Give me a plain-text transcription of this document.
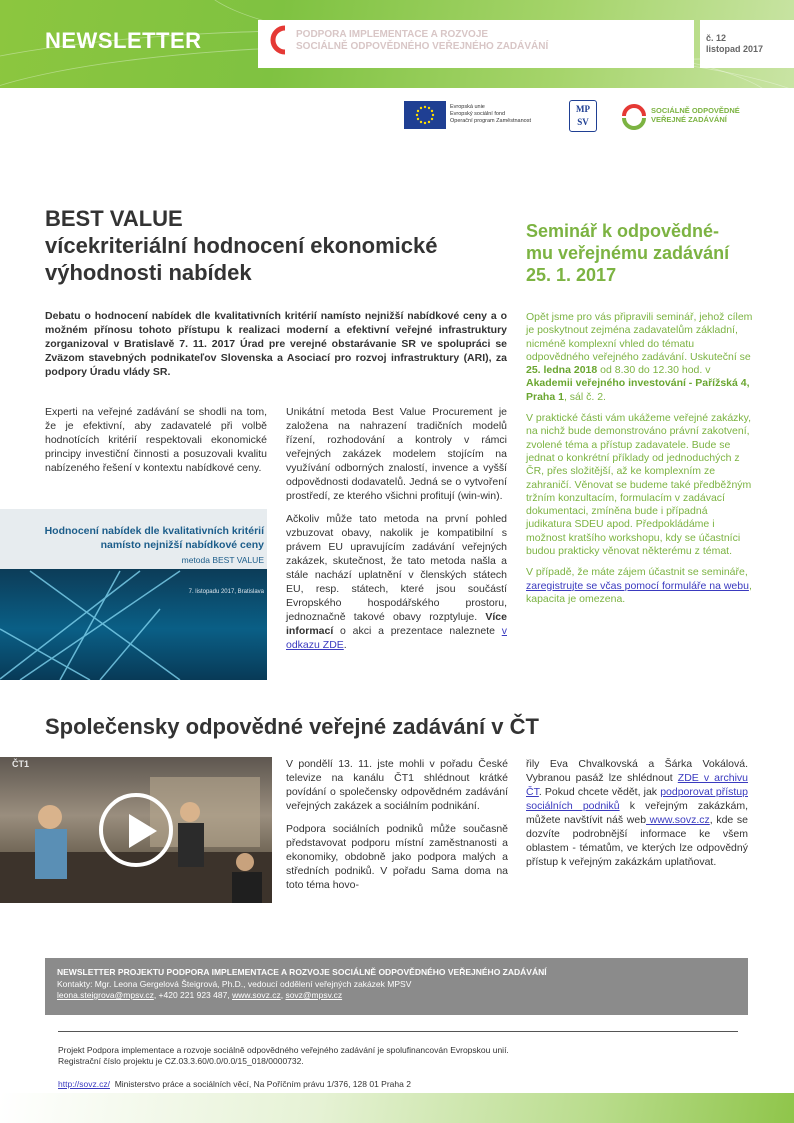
NEWSLETTER	PODPORA IMPLEMENTACE A ROZVOJE
SOCIÁLNĚ ODPOVĚDNÉHO VEŘEJNÉHO ZADÁVÁNÍ
č. 12
listopad 2017
Evropská unie
Evropský sociální fond
Operační program Zaměstnanost
MP
SV
SOCIÁLNĚ ODPOVĚDNÉ
VEŘEJNÉ ZADÁVÁNÍ
BEST VALUE
vícekriteriální hodnocení ekonomické
výhodnosti nabídek
Debatu o hodnocení nabídek dle kvalitativních kritérií namísto nejnižší nabídkové ceny a o možném přínosu tohoto přístupu k realizaci moderní a efektivní veřejné infrastruktury zorganizoval v Bratislavě 7. 11. 2017 Úrad pre verejné obstarávanie SR ve spolupráci se Zväzom stavebných podnikateľov Slovenska a Asociací pro rozvoj infrastruktury (ARI), za podpory Úradu vlády SR.

Experti na veřejné zadávání se shodli na tom, že je efektivní, aby zadavatelé při volbě hodnotících kritérií respektovali ekonomické principy investiční činnosti a posuzovali kvalitu nabízeného řešení v kontextu nabídkové ceny.

Unikátní metoda Best Value Procurement je založena na nahrazení tradičních modelů řízení, rozhodování a kontroly v rámci veřejných zakázek modelem stojícím na využívání odborných znalostí, invence a vyšší odpovědnosti dodavatelů. Jedná se o vytvoření prostředí, ze kterého všichni profitují (win-win).

Ačkoliv může tato metoda na první pohled vzbuzovat obavy, nakolik je kompatibilní s právem EU upravujícím zadávání veřejných zakázek, skutečnost, že tato metoda našla a stále nachází uplatnění v členských státech EU, resp. státech, které jsou součástí Evropského hospodářského prostoru, jednoznačně takové obavy rozptyluje. Více informací o akci a prezentace naleznete v odkazu ZDE.

Hodnocení nabídek dle kvalitativních kritérií
namísto nejnižší nabídkové ceny
metoda BEST VALUE
7. listopadu 2017, Bratislava
Seminář k odpovědné-
mu veřejnému zadávání
25. 1. 2017

Opět jsme pro vás připravili seminář, jehož cílem je poskytnout zejména zadavatelům základní, nicméně komplexní vhled do tématu odpovědného veřejného zadávání. Uskuteční se 25. ledna 2018 od 8.30 do 12.30 hod. v Akademii veřejného investování - Pařížská 4, Praha 1, sál č. 2.

V praktické části vám ukážeme veřejné zakázky, na nichž bude demonstrováno právní zakotvení, zvolené téma a přístup zadavatele. Bude se jednat o konkrétní příklady od jednoduchých z ČR, přes složitější, až ke komplexním ze zahraničí. Věnovat se budeme také předběžným tržním konzultacím, formulacím v zadávací dokumentaci, zmíněna bude i případná judikatura SDEU apod. Předpokládáme i možnost kratšího workshopu, kdy se účastníci budou prakticky věnovat některému z témat.

V případě, že máte zájem účastnit se semináře, zaregistrujte se včas pomocí formuláře na webu, kapacita je omezena.

Společensky odpovědné veřejné zadávání v ČT
ČT1	V pondělí 13. 11. jste mohli v pořadu České televize na kanálu ČT1 shlédnout krátké povídání o společensky odpovědném zadávání veřejných zakázek a sociálním podnikání.

Podpora sociálních podniků může současně představovat podporu místní zaměstnanosti a ekonomiky, obdobně jako podpora malých a středních podniků. V pořadu Sama doma na toto téma hovo-

řily Eva Chvalkovská a Šárka Vokálová. Vybranou pasáž lze shlédnout ZDE v archivu ČT. Pokud chcete vědět, jak podporovat přístup sociálních podniků k veřejným zakázkám, můžete navštívit náš web www.sovz.cz, kde se dozvíte podrobnější informace ke všem oblastem - tématům, ve kterých lze odpovědný přístup k veřejným zakázkám uplatňovat.

NEWSLETTER PROJEKTU PODPORA IMPLEMENTACE A ROZVOJE SOCIÁLNĚ ODPOVĚDNÉHO VEŘEJNÉHO ZADÁVÁNÍ
Kontakty: Mgr. Leona Gergelová Šteigrová, Ph.D., vedoucí oddělení veřejných zakázek MPSV
leona.steigrova@mpsv.cz, +420 221 923 487, www.sovz.cz, sovz@mpsv.cz
Projekt Podpora implementace a rozvoje sociálně odpovědného veřejného zadávání je spolufinancován Evropskou unií.
Registrační číslo projektu je CZ.03.3.60/0.0/0.0/15_018/0000732.
http://sovz.cz/  Ministerstvo práce a sociálních věcí, Na Poříčním právu 1/376, 128 01 Praha 2
